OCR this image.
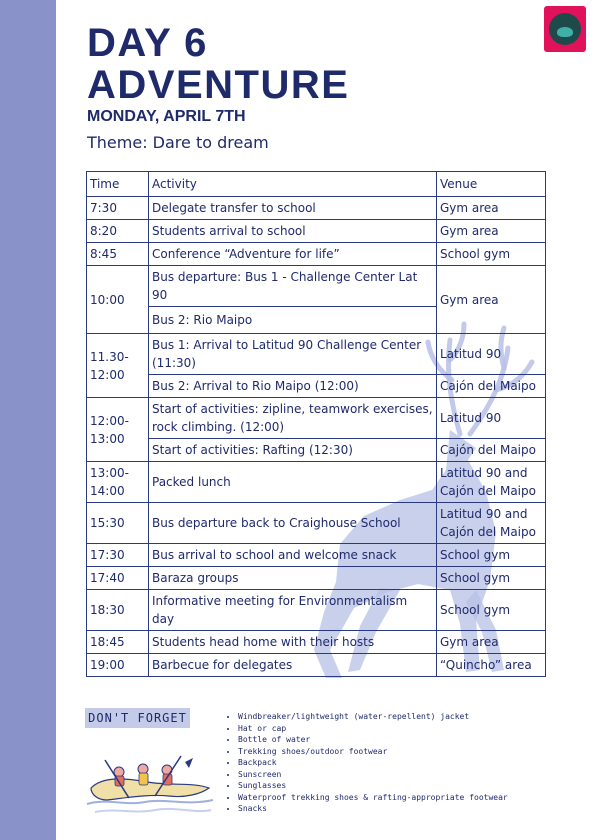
DAY 6
ADVENTURE
MONDAY, APRIL 7TH
Theme: Dare to dream
Time	Activity	Venue
7:30	Delegate transfer to school	Gym area
8:20	Students arrival to school	Gym area
8:45	Conference “Adventure for life”	School gym
10:00	Bus departure: Bus 1 - Challenge Center Lat 90	Gym area
	Bus 2: Rio Maipo	
11.30- 12:00	Bus 1: Arrival to Latitud 90 Challenge Center (11:30)	Latitud 90
	Bus 2: Arrival to Rio Maipo (12:00)	Cajón del Maipo
12:00- 13:00	Start of activities: zipline, teamwork exercises, rock climbing. (12:00)	Latitud 90
	Start of activities: Rafting (12:30)	Cajón del Maipo
13:00- 14:00	Packed lunch	Latitud 90 and Cajón del Maipo
15:30	Bus departure back to Craighouse School	Latitud 90 and Cajón del Maipo
17:30	Bus arrival to school and welcome snack	School gym
17:40	Baraza groups	School gym
18:30	Informative meeting for Environmentalism day	School gym
18:45	Students head home with their hosts	Gym area
19:00	Barbecue for delegates	“Quincho” area
DON'T FORGET	• Windbreaker/lightweight (water-repellent) jacket
• Hat or cap
• Bottle of water
• Trekking shoes/outdoor footwear
• Backpack
• Sunscreen
• Sunglasses
• Waterproof trekking shoes & rafting-appropriate footwear
• Snacks
